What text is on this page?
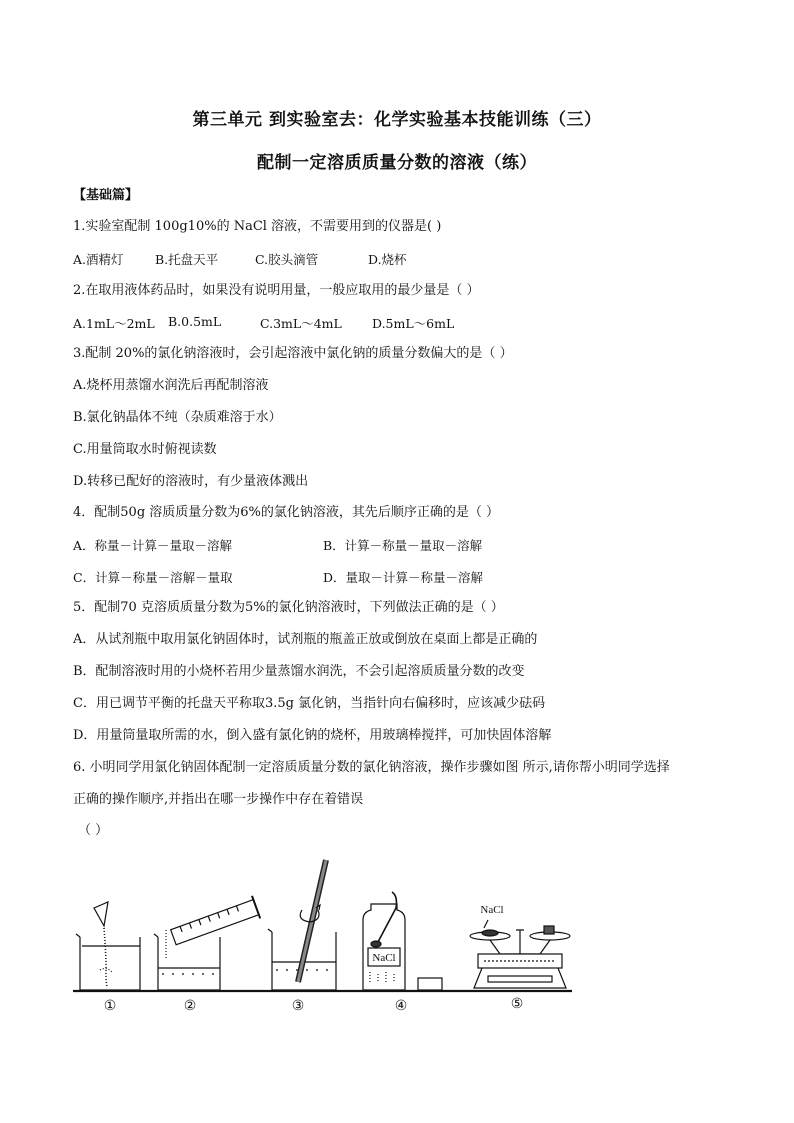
第三单元 到实验室去：化学实验基本技能训练（三）
配制一定溶质质量分数的溶液（练）
【基础篇】
1.实验室配制 100g10%的 NaCl 溶液，不需要用到的仪器是( )
A.酒精灯	B.托盘天平	C.胶头滴管	D.烧杯
2.在取用液体药品时，如果没有说明用量，一般应取用的最少量是（ ）
A.1mL～2mL B.0.5mL	C.3mL～4mL D.5mL～6mL
3.配制 20%的氯化钠溶液时，会引起溶液中氯化钠的质量分数偏大的是（ ）
A.烧杯用蒸馏水润洗后再配制溶液
B.氯化钠晶体不纯（杂质难溶于水）
C.用量筒取水时俯视读数
D.转移已配好的溶液时，有少量液体溅出
4．配制50g 溶质质量分数为6%的氯化钠溶液，其先后顺序正确的是（ ）
A．称量－计算－量取－溶解	B．计算－称量－量取－溶解
C．计算－称量－溶解－量取	D．量取－计算－称量－溶解
5．配制70 克溶质质量分数为5%的氯化钠溶液时，下列做法正确的是（ ）
A．从试剂瓶中取用氯化钠固体时，试剂瓶的瓶盖正放或倒放在桌面上都是正确的
B．配制溶液时用的小烧杯若用少量蒸馏水润洗，不会引起溶质质量分数的改变
C．用已调节平衡的托盘天平称取3.5g 氯化钠，当指针向右偏移时，应该减少砝码
D．用量筒量取所需的水，倒入盛有氯化钠的烧杯，用玻璃棒搅拌，可加快固体溶解
6. 小明同学用氯化钠固体配制一定溶质质量分数的氯化钠溶液，操作步骤如图 所示,请你帮小明同学选择
正确的操作顺序,并指出在哪一步操作中存在着错误
（ ）
NaCl
NaCl
①	②	③	④	⑤
